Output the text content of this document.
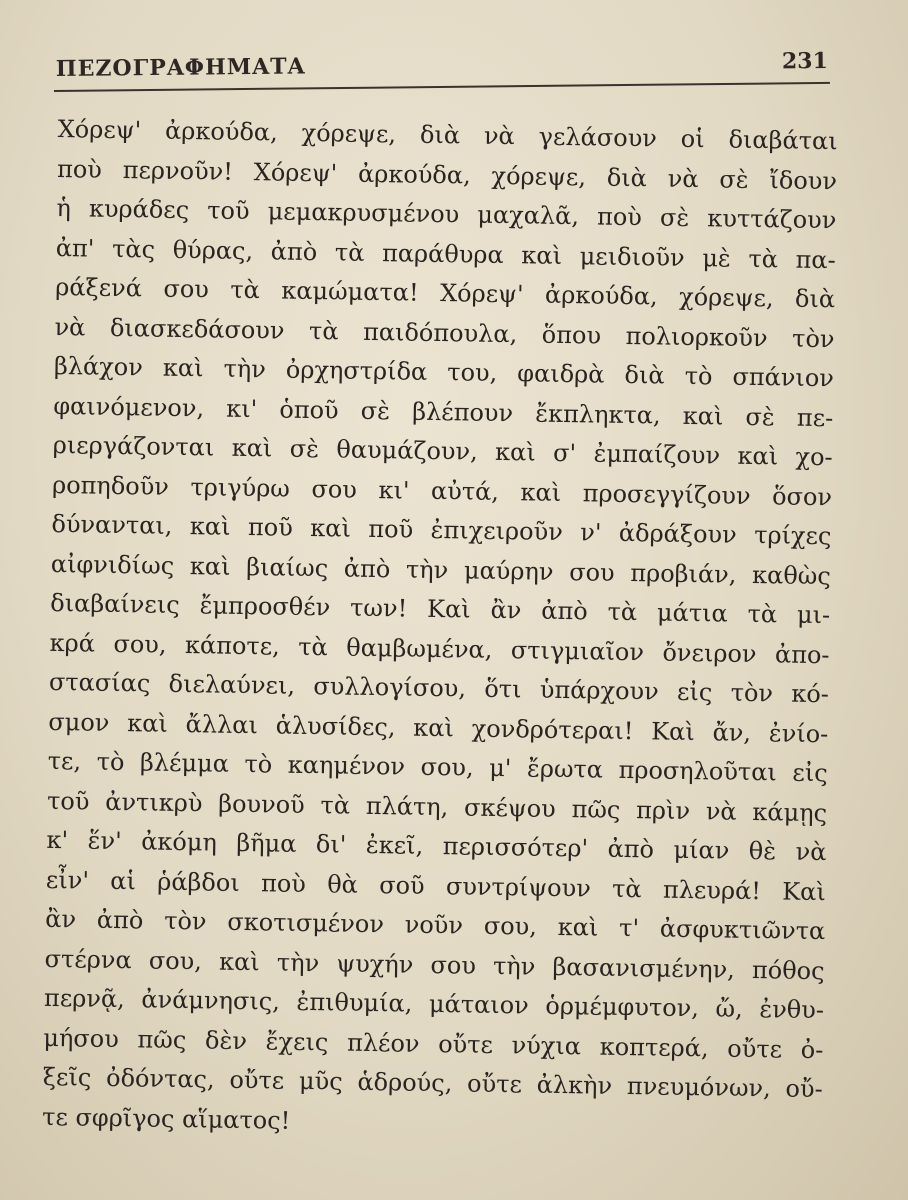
ΠΕΖΟΓΡΑΦΗΜΑΤΑ	231
Χόρεψ' ἀρκούδα, χόρεψε, διὰ νὰ γελάσουν οἱ διαβάται
ποὺ περνοῦν! Χόρεψ' ἀρκούδα, χόρεψε, διὰ νὰ σὲ ἴδουν
ἡ κυράδες τοῦ μεμακρυσμένου μαχαλᾶ, ποὺ σὲ κυττάζουν
ἀπ' τὰς θύρας, ἀπὸ τὰ παράθυρα καὶ μειδιοῦν μὲ τὰ πα-
ράξενά σου τὰ καμώματα! Χόρεψ' ἀρκούδα, χόρεψε, διὰ
νὰ διασκεδάσουν τὰ παιδόπουλα, ὅπου πολιορκοῦν τὸν
βλάχον καὶ τὴν ὀρχηστρίδα του, φαιδρὰ διὰ τὸ σπάνιον
φαινόμενον, κι' ὁποῦ σὲ βλέπουν ἔκπληκτα, καὶ σὲ πε-
ριεργάζονται καὶ σὲ θαυμάζουν, καὶ σ' ἐμπαίζουν καὶ χο-
ροπηδοῦν τριγύρω σου κι' αὐτά, καὶ προσεγγίζουν ὅσον
δύνανται, καὶ ποῦ καὶ ποῦ ἐπιχειροῦν ν' ἀδράξουν τρίχες
αἰφνιδίως καὶ βιαίως ἀπὸ τὴν μαύρην σου προβιάν, καθὼς
διαβαίνεις ἔμπροσθέν των! Καὶ ἂν ἀπὸ τὰ μάτια τὰ μι-
κρά σου, κάποτε, τὰ θαμβωμένα, στιγμιαῖον ὄνειρον ἀπο-
στασίας διελαύνει, συλλογίσου, ὅτι ὑπάρχουν εἰς τὸν κό-
σμον καὶ ἄλλαι ἁλυσίδες, καὶ χονδρότεραι! Καὶ ἄν, ἐνίο-
τε, τὸ βλέμμα τὸ καημένον σου, μ' ἔρωτα προσηλοῦται εἰς
τοῦ ἀντικρὺ βουνοῦ τὰ πλάτη, σκέψου πῶς πρὶν νὰ κάμῃς
κ' ἕν' ἀκόμη βῆμα δι' ἐκεῖ, περισσότερ' ἀπὸ μίαν θὲ νὰ
εἶν' αἱ ῥάβδοι ποὺ θὰ σοῦ συντρίψουν τὰ πλευρά! Καὶ
ἂν ἀπὸ τὸν σκοτισμένον νοῦν σου, καὶ τ' ἀσφυκτιῶντα
στέρνα σου, καὶ τὴν ψυχήν σου τὴν βασανισμένην, πόθος
περνᾷ, ἀνάμνησις, ἐπιθυμία, μάταιον ὁρμέμφυτον, ὤ, ἐνθυ-
μήσου πῶς δὲν ἔχεις πλέον οὔτε νύχια κοπτερά, οὔτε ὀ-
ξεῖς ὀδόντας, οὔτε μῦς ἁδρούς, οὔτε ἀλκὴν πνευμόνων, οὔ-
τε σφρῖγος αἵματος!
